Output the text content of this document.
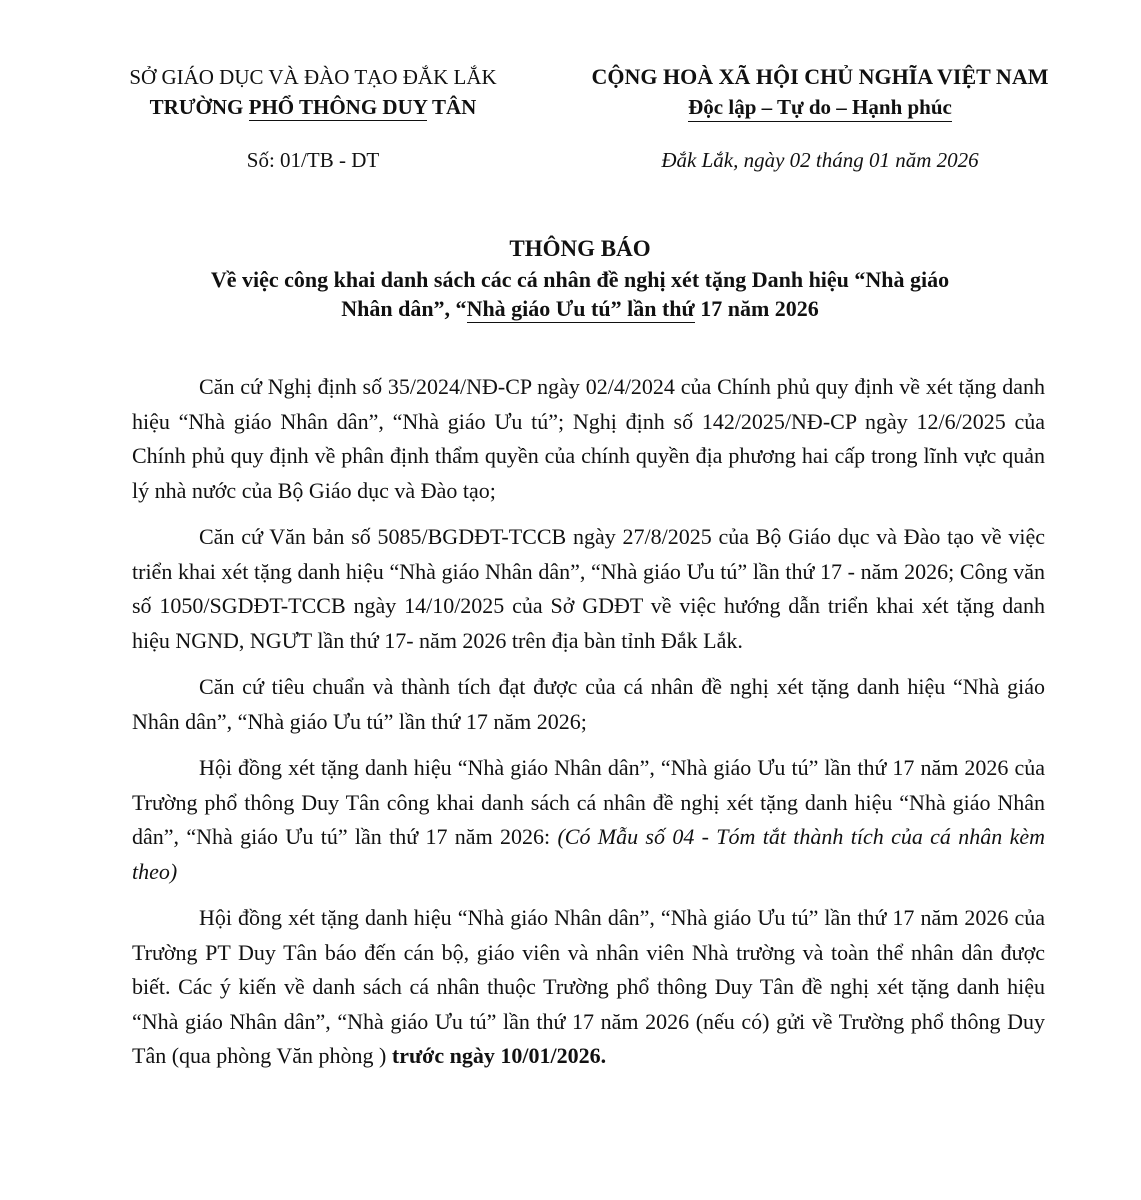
SỞ GIÁO DỤC VÀ ĐÀO TẠO ĐẮK LẮK
TRƯỜNG PHỔ THÔNG DUY TÂN
CỘNG HOÀ XÃ HỘI CHỦ NGHĨA VIỆT NAM
Độc lập – Tự do – Hạnh phúc
Số: 01/TB - DT	Đắk Lắk, ngày 02 tháng 01 năm 2026
THÔNG BÁO
Về việc công khai danh sách các cá nhân đề nghị xét tặng Danh hiệu “Nhà giáo
Nhân dân”, “Nhà giáo Ưu tú” lần thứ 17 năm 2026

Căn cứ Nghị định số 35/2024/NĐ-CP ngày 02/4/2024 của Chính phủ quy định về xét tặng danh hiệu “Nhà giáo Nhân dân”, “Nhà giáo Ưu tú”; Nghị định số 142/2025/NĐ-CP ngày 12/6/2025 của Chính phủ quy định về phân định thẩm quyền của chính quyền địa phương hai cấp trong lĩnh vực quản lý nhà nước của Bộ Giáo dục và Đào tạo;

Căn cứ Văn bản số 5085/BGDĐT-TCCB ngày 27/8/2025 của Bộ Giáo dục và Đào tạo về việc triển khai xét tặng danh hiệu “Nhà giáo Nhân dân”, “Nhà giáo Ưu tú” lần thứ 17 - năm 2026; Công văn số 1050/SGDĐT-TCCB ngày 14/10/2025 của Sở GDĐT về việc hướng dẫn triển khai xét tặng danh hiệu NGND, NGƯT lần thứ 17- năm 2026 trên địa bàn tỉnh Đắk Lắk.

Căn cứ tiêu chuẩn và thành tích đạt được của cá nhân đề nghị xét tặng danh hiệu “Nhà giáo Nhân dân”, “Nhà giáo Ưu tú” lần thứ 17 năm 2026;

Hội đồng xét tặng danh hiệu “Nhà giáo Nhân dân”, “Nhà giáo Ưu tú” lần thứ 17 năm 2026 của Trường phổ thông Duy Tân công khai danh sách cá nhân đề nghị xét tặng danh hiệu “Nhà giáo Nhân dân”, “Nhà giáo Ưu tú” lần thứ 17 năm 2026: (Có Mẫu số 04 - Tóm tắt thành tích của cá nhân kèm theo)

Hội đồng xét tặng danh hiệu “Nhà giáo Nhân dân”, “Nhà giáo Ưu tú” lần thứ 17 năm 2026 của Trường PT Duy Tân báo đến cán bộ, giáo viên và nhân viên Nhà trường và toàn thể nhân dân được biết. Các ý kiến về danh sách cá nhân thuộc Trường phổ thông Duy Tân đề nghị xét tặng danh hiệu “Nhà giáo Nhân dân”, “Nhà giáo Ưu tú” lần thứ 17 năm 2026 (nếu có) gửi về Trường phổ thông Duy Tân (qua phòng Văn phòng ) trước ngày 10/01/2026.
